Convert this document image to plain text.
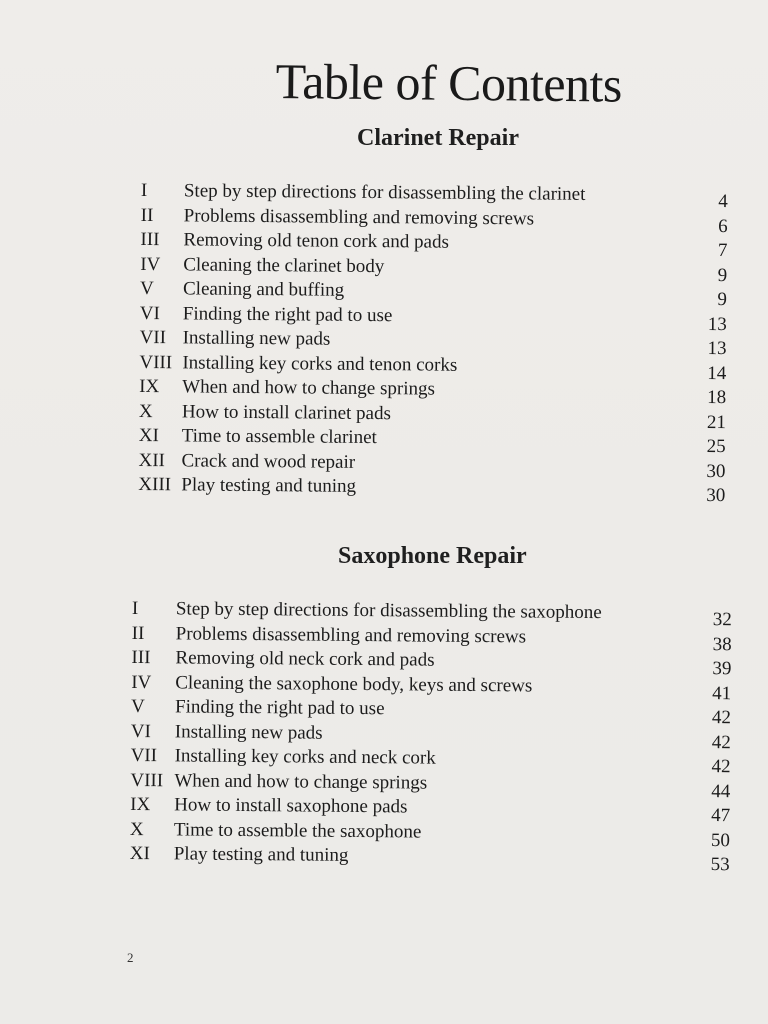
Table of Contents
Clarinet Repair
I Step by step directions for disassembling the clarinet	4
II Problems disassembling and removing screws	6
III Removing old tenon cork and pads	7
IV Cleaning the clarinet body	9
V Cleaning and buffing	9
VI Finding the right pad to use	13
VII Installing new pads	13
VIII Installing key corks and tenon corks	14
IX When and how to change springs	18
X How to install clarinet pads	21
XI Time to assemble clarinet	25
XII Crack and wood repair	30
XIII Play testing and tuning	30
Saxophone Repair
I Step by step directions for disassembling the saxophone	32
II Problems disassembling and removing screws	38
III Removing old neck cork and pads	39
IV Cleaning the saxophone body, keys and screws	41
V Finding the right pad to use	42
VI Installing new pads	42
VII Installing key corks and neck cork	42
VIII When and how to change springs	44
IX How to install saxophone pads	47
X Time to assemble the saxophone	50
XI Play testing and tuning	53
2
